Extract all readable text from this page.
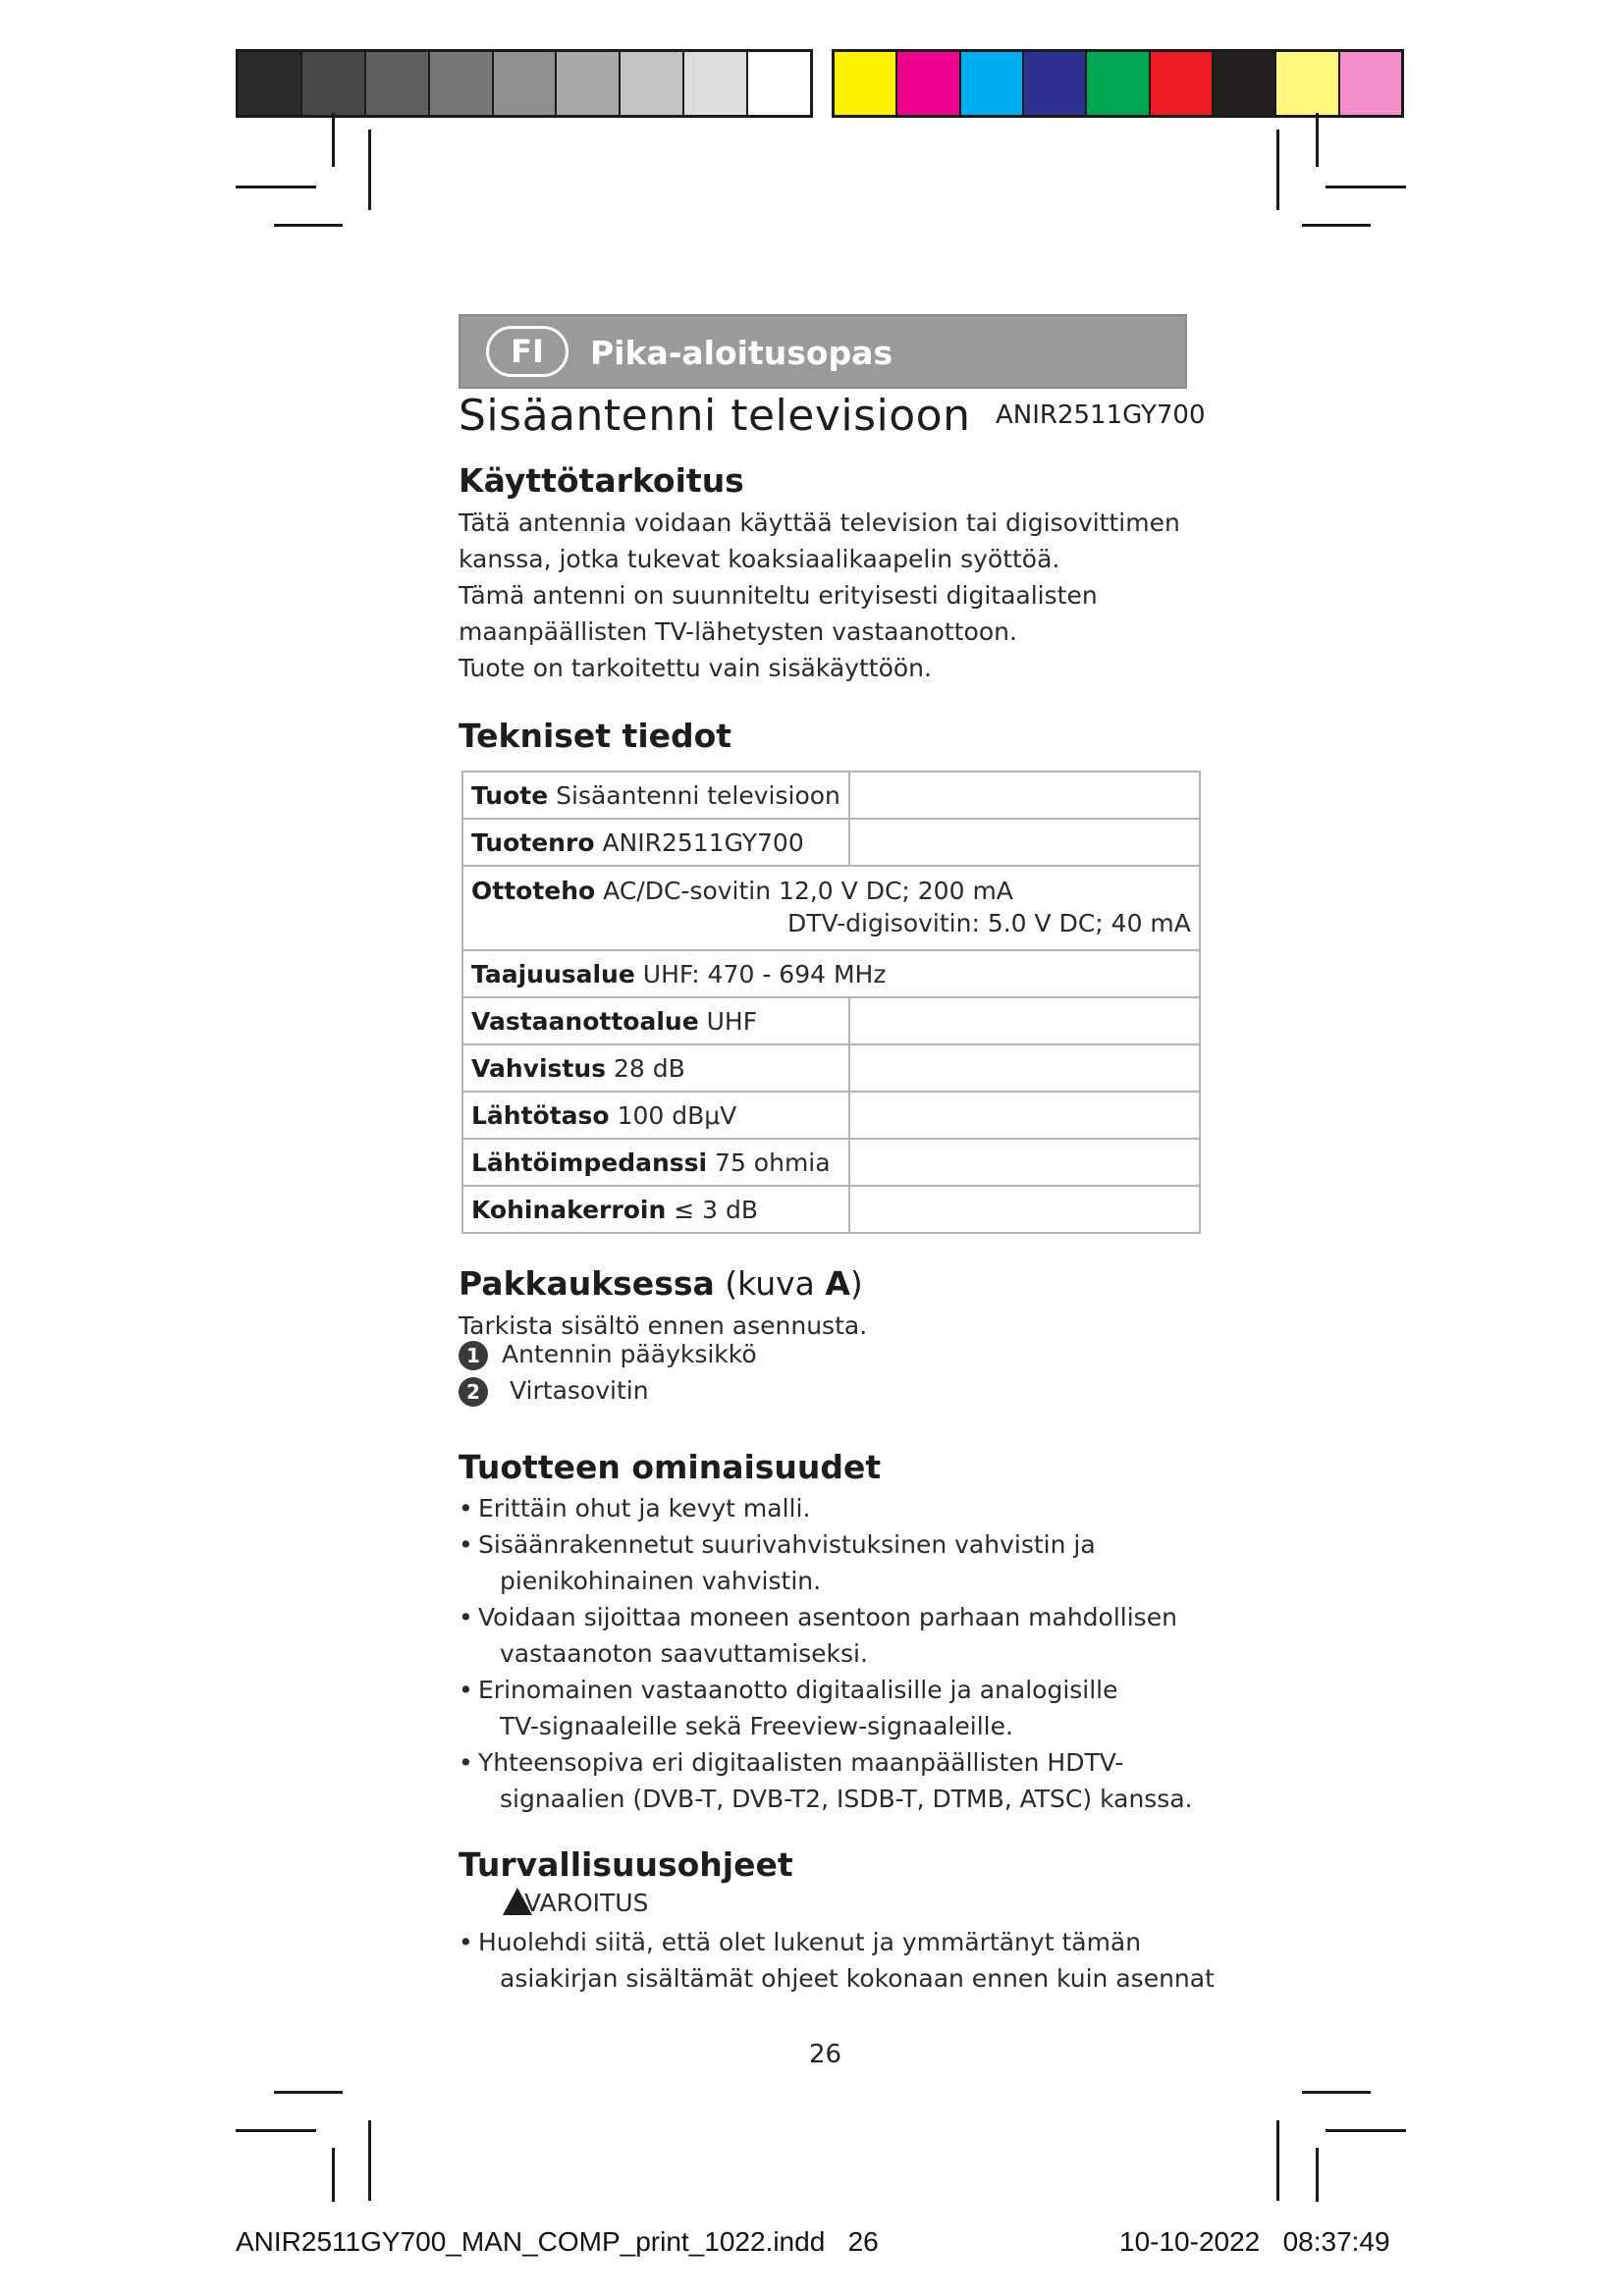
FI	Pika-aloitusopas
Sisäantenni televisioon ANIR2511GY700
Käyttötarkoitus
Tätä antennia voidaan käyttää television tai digisovittimen
kanssa, jotka tukevat koaksiaalikaapelin syöttöä.
Tämä antenni on suunniteltu erityisesti digitaalisten
maanpäällisten TV-lähetysten vastaanottoon.
Tuote on tarkoitettu vain sisäkäyttöön.
Tekniset tiedot
Tuote Sisäantenni televisioon	
Tuotenro ANIR2511GY700	
Ottoteho AC/DC-sovitin 12,0 V DC; 200 mA
DTV-digisovitin: 5.0 V DC; 40 mA	
Taajuusalue UHF: 470 - 694 MHz	
Vastaanottoalue UHF	
Vahvistus 28 dB	
Lähtötaso 100 dBμV	
Lähtöimpedanssi 75 ohmia	
Kohinakerroin ≤ 3 dB	
Pakkauksessa (kuva A)
Tarkista sisältö ennen asennusta.
1 Antennin pääyksikkö
2 Virtasovitin
Tuotteen ominaisuudet
• Erittäin ohut ja kevyt malli.
• Sisäänrakennetut suurivahvistuksinen vahvistin ja
pienikohinainen vahvistin.
• Voidaan sijoittaa moneen asentoon parhaan mahdollisen
vastaanoton saavuttamiseksi.
• Erinomainen vastaanotto digitaalisille ja analogisille
TV-signaaleille sekä Freeview-signaaleille.
• Yhteensopiva eri digitaalisten maanpäällisten HDTV-
signaalien (DVB-T, DVB-T2, ISDB-T, DTMB, ATSC) kanssa.
Turvallisuusohjeet
VAROITUS
• Huolehdi siitä, että olet lukenut ja ymmärtänyt tämän
asiakirjan sisältämät ohjeet kokonaan ennen kuin asennat
26
ANIR2511GY700_MAN_COMP_print_1022.indd   26	10-10-2022 08:37:49
